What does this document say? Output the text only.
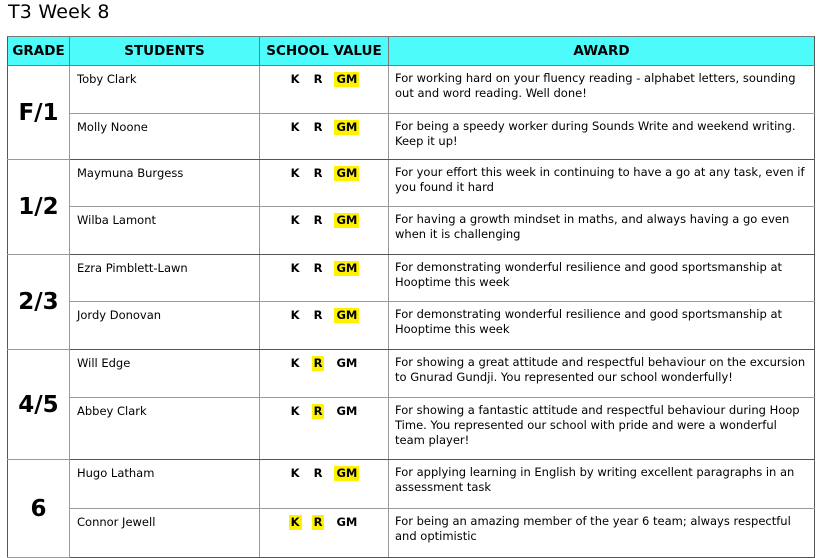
T3 Week 8
GRADE	STUDENTS	SCHOOL VALUE	AWARD
F/1	Toby Clark	K R GM	For working hard on your fluency reading - alphabet letters, sounding out and word reading. Well done!
	Molly Noone	K R GM	For being a speedy worker during Sounds Write and weekend writing. Keep it up!
1/2	Maymuna Burgess	K R GM	For your effort this week in continuing to have a go at any task, even if you found it hard
	Wilba Lamont	K R GM	For having a growth mindset in maths, and always having a go even when it is challenging
2/3	Ezra Pimblett-Lawn	K R GM	For demonstrating wonderful resilience and good sportsmanship at Hooptime this week
	Jordy Donovan	K R GM	For demonstrating wonderful resilience and good sportsmanship at Hooptime this week
4/5	Will Edge	K R GM	For showing a great attitude and respectful behaviour on the excursion to Gnurad Gundji. You represented our school wonderfully!
	Abbey Clark	K R GM	For showing a fantastic attitude and respectful behaviour during Hoop Time. You represented our school with pride and were a wonderful team player!
6	Hugo Latham	K R GM	For applying learning in English by writing excellent paragraphs in an assessment task
	Connor Jewell	K R GM	For being an amazing member of the year 6 team; always respectful and optimistic
